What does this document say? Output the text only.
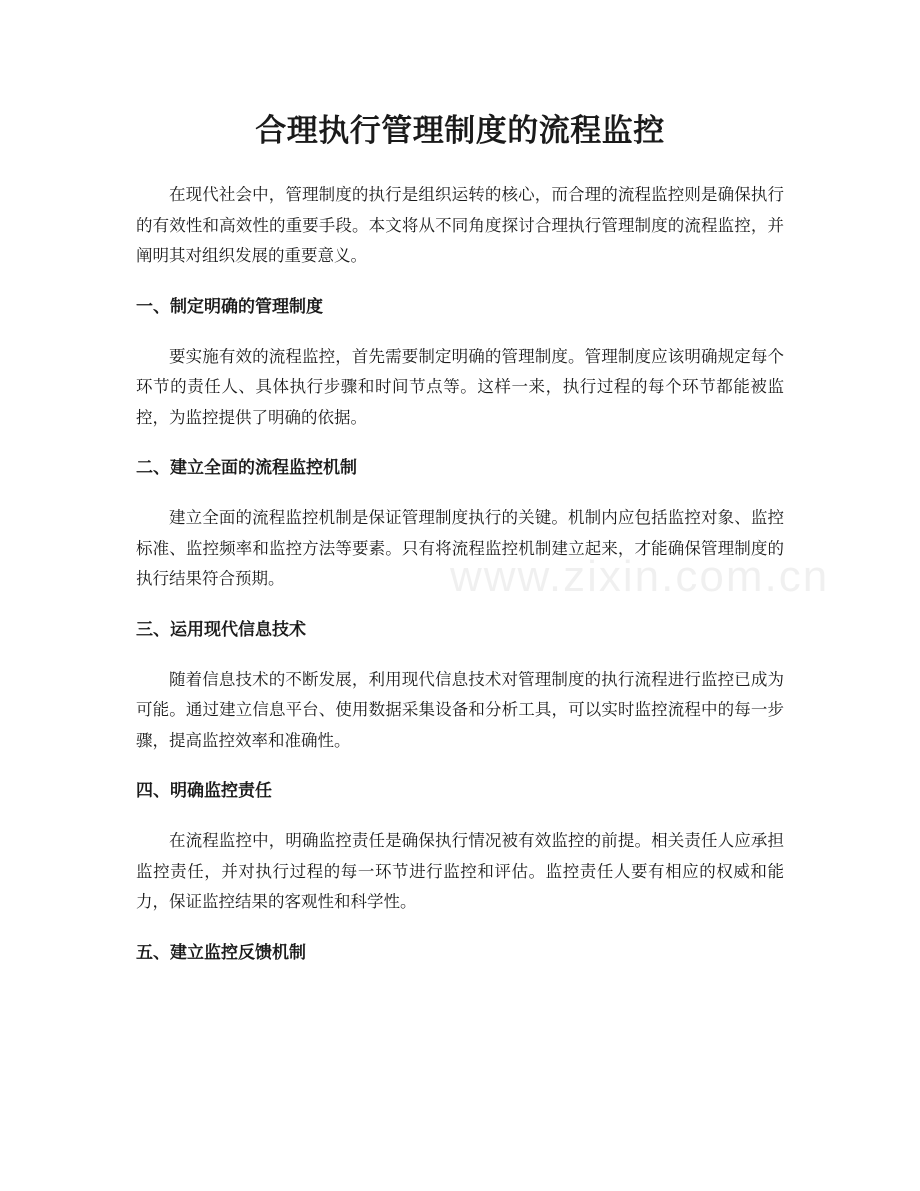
合理执行管理制度的流程监控

在现代社会中，管理制度的执行是组织运转的核心，而合理的流程监控则是确保执行的有效性和高效性的重要手段。本文将从不同角度探讨合理执行管理制度的流程监控，并阐明其对组织发展的重要意义。

一、制定明确的管理制度

要实施有效的流程监控，首先需要制定明确的管理制度。管理制度应该明确规定每个环节的责任人、具体执行步骤和时间节点等。这样一来，执行过程的每个环节都能被监控，为监控提供了明确的依据。

二、建立全面的流程监控机制

建立全面的流程监控机制是保证管理制度执行的关键。机制内应包括监控对象、监控标准、监控频率和监控方法等要素。只有将流程监控机制建立起来，才能确保管理制度的执行结果符合预期。

三、运用现代信息技术

随着信息技术的不断发展，利用现代信息技术对管理制度的执行流程进行监控已成为可能。通过建立信息平台、使用数据采集设备和分析工具，可以实时监控流程中的每一步骤，提高监控效率和准确性。

四、明确监控责任

在流程监控中，明确监控责任是确保执行情况被有效监控的前提。相关责任人应承担监控责任，并对执行过程的每一环节进行监控和评估。监控责任人要有相应的权威和能力，保证监控结果的客观性和科学性。

五、建立监控反馈机制
www.zixin.com.cn
